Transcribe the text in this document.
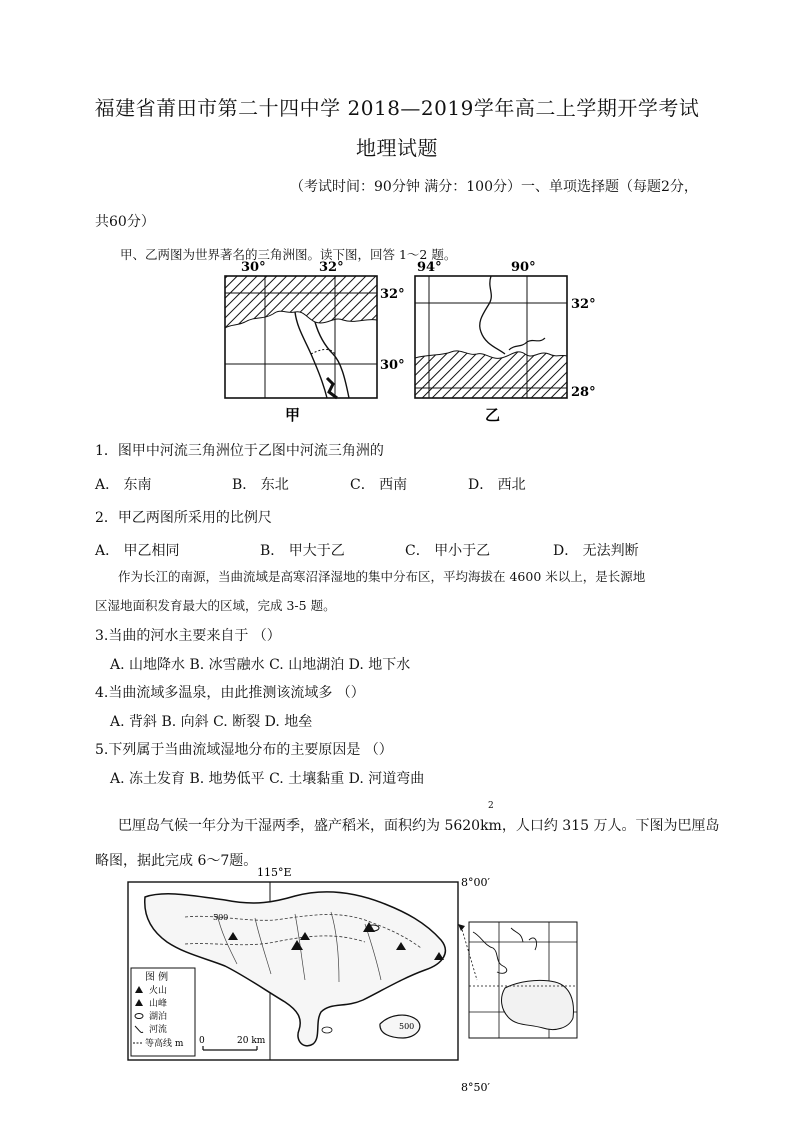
福建省莆田市第二十四中学 2018—2019学年高二上学期开学考试
地理试题
（考试时间：90分钟 满分：100分）一、单项选择题（每题2分，
共60分）
甲、乙两图为世界著名的三角洲图。读下图，回答 1～2 题。
30°	32°
32°
30°
甲
94°	90°
32°
28°
乙
1．图甲中河流三角洲位于乙图中河流三角洲的
A． 东南	B． 东北	C． 西南	D． 西北
2．甲乙两图所采用的比例尺
A． 甲乙相同	B． 甲大于乙	C． 甲小于乙	D． 无法判断
作为长江的南源，当曲流域是高寒沼泽湿地的集中分布区，平均海拔在 4600 米以上，是长源地
区湿地面积发育最大的区域，完成 3-5 题。
3.当曲的河水主要来自于 （）
A. 山地降水 B. 冰雪融水 C. 山地湖泊 D. 地下水
4.当曲流域多温泉，由此推测该流域多 （）
A. 背斜 B. 向斜 C. 断裂 D. 地垒
5.下列属于当曲流域湿地分布的主要原因是 （）
A. 冻土发育 B. 地势低平 C. 土壤黏重 D. 河道弯曲
2
巴厘岛气候一年分为干湿两季，盛产稻米，面积约为 5620km，人口约 315 万人。下图为巴厘岛
略图，据此完成 6～7题。
500
500
115°E
8°00′
8°50′
图 例
火山
山峰
湖泊
河流
等高线 m 0	20 km
